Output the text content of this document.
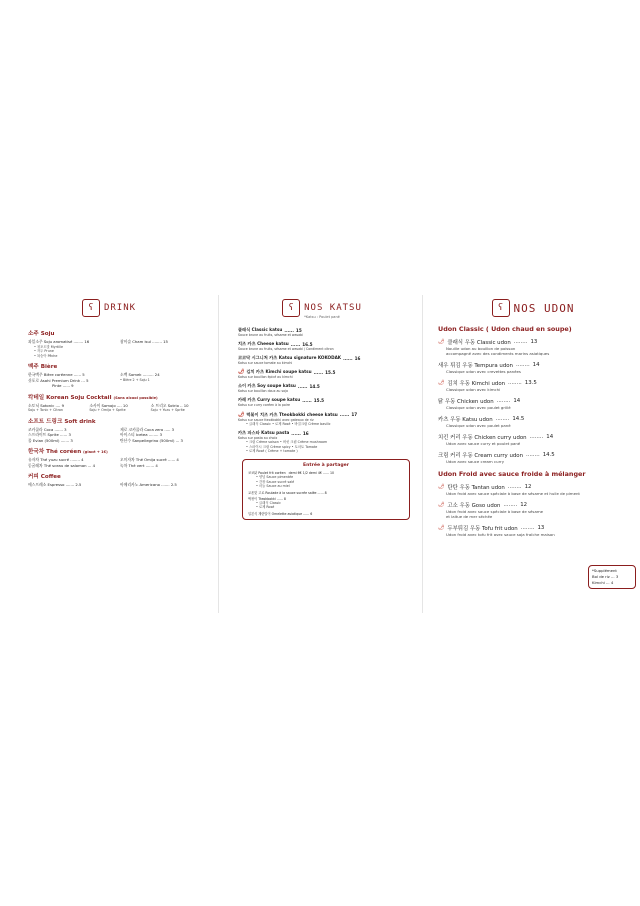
ʕ	DRINK
소주 Soju
과일소주 Soju aromatisé ........ 16
• 청포도맛 Myrtille
• 자두 Prune
• 복숭아 Pêche
참이슬 Cham isul ........ 15
맥주 Bière
한국맥주 Bière coréenne ...... 5
삿포로 Asahi Premium Drink ... 5
Pinte ...... 9
소맥 Somek ......... 24
• Bière 2 + Soju 1
칵테일 Korean Soju Cocktail (Sans alcool possible)
소토닉 Sotonic .... 9
Soju + Tonic + Citron
소사이 Somojo .... 10
Soju + Omija + Sprite
소 트리오 Sotrio .. 10
Soju + Yuzu + Sprite
소프트 드링크 Soft drink
코카콜라 Coca ....... 3
스프라이트 Sprite ...... 3
물 Evian (500ml) ....... 3
제로 코카콜라 Coca zero ..... 3
아이스티 Icetea ........ 3
탄산수 Sanpellegrino (500ml) ... 3
한국차 Thé coréen (glacé + 1€)
유자차 Thé yuzu sucré ........ 4
둥굴레차 Thé sceau de salomon ... 4
오미자차 Thé Omija sucré ...... 4
녹차 Thé vert ....... 4
커피 Coffee
에스프레소 Espresso ....... 2.5	아메리카노 Americano ....... 2.5
ʕ	NOS KATSU
*Katsu : Poulet pané
클래식 Classic katsu ...... 15
Sauce brune au fruits, sésame et wasabi
치즈 카츠 Cheese katsu ...... 16.5
Sauce brune au fruits, sésame et wasabi / Condiment citron
코코닥 시그니처 카츠 Katsu signature KOKODAK ...... 16
Katsu sur sauce tomate au kimchi
🌶 김치 카츠 Kimchi soupe katsu ...... 15.5
Katsu sur bouillon épicé au kimchi
소이 카츠 Soy soupe katsu ...... 14.5
Katsu sur bouillon doux au soja
카레 카츠 Curry soupe katsu ...... 15.5
Katsu sur curry coréen à la poire
🌶 떡볶이 치즈 카츠 Tteokbokki cheese katsu ...... 17
Katsu sur sauce tteokbokki avec gateaux de riz
• 클래식 Classic • 로제 Rosé • 바질크림 Crème basilic
카츠 파스타 Katsu pasta ...... 16
Katsu sur pasta au choix
• 크림 Crème saison • 버섯 크림 Crème mushroom
• 스파이시 크림 Crème spicy • 토마토 Tomate
• 로제 Rosé ( Crème + tomate )
Entrée à partager
코코닭 Poulet frit coréen demi 6€ 1/2 demi 4€ ...... 10
• 양념 Sauce pimentée
• 간장 Sauce sucré salé
• 마늘 Sauce au miel
교촌맛 고로 Roulade à la sauce sucrée salée ...... 8
떡볶이 Tteokbokki ...... 8
• 클래식 Classic
• 로제 Rosé
일본식 계란말이 Omelette asiatique ...... 6
ʕ NOS UDON
Udon Classic ( Udon chaud en soupe)
🌶 클래식 우동 Classic udon ........ 13
Nouille udon au bouillon de poisson
accompagné avec des condiments marins asiatiques
새우 튀김 우동 Tempura udon ........ 14
Classique udon avec crevettes panées
🌶 김치 우동 Kimchi udon ........ 13.5
Classique udon avec kimchi
닭 우동 Chicken udon ........ 14
Classique udon avec poulet grillé
카츠 우동 Katsu udon ........ 14.5
Classique udon avec poulet pané
치킨 커리 우동 Chicken curry udon ........ 14
Udon avec sauce curry et poulet pané
크림 커리 우동 Cream curry udon ........ 14.5
Udon avec sauce cream curry
Udon Froid avec sauce froide à mélanger
🌶 탄탄 우동 Tantan udon ........ 12
Udon froid avec sauce spéciale à base de sésame et huile de piment
🌶 고소 우동 Goso udon ........ 12
Udon froid avec sauce spéciale à base de sésame
et laitue de mer séchée
🌶 두부튀김 우동 Tofu frit udon ........ 13
Udon froid avec tofu frit avec sauce soja fraîche maison
*Supplément
Bol de riz ... 3
Kimchi ... 4
